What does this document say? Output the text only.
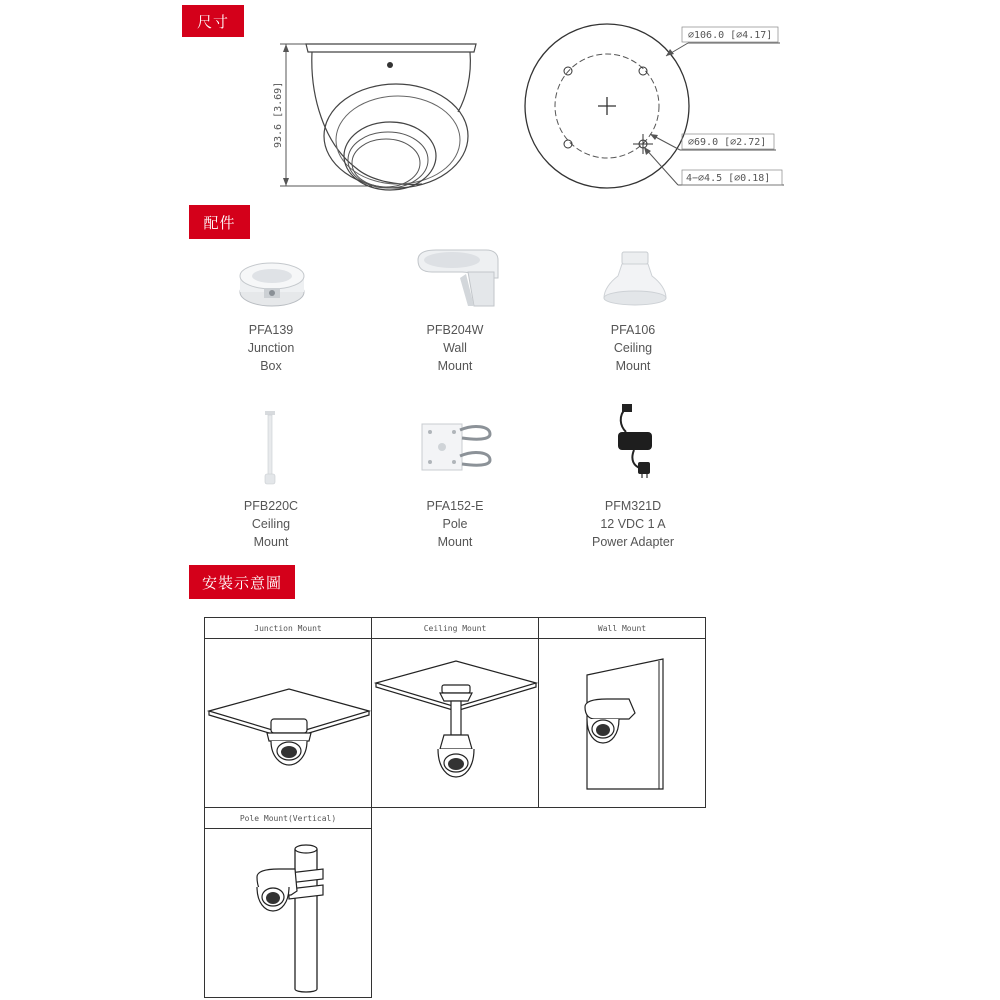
尺寸
配件
安裝示意圖
93.6 [3.69]
⌀106.0 [⌀4.17]
⌀69.0 [⌀2.72]
4−⌀4.5 [⌀0.18]
PFA139
Junction
Box
PFB204W
Wall
Mount
PFA106
Ceiling
Mount
PFB220C
Ceiling
Mount
PFA152-E
Pole
Mount
PFM321D
12 VDC 1 A
Power Adapter
Junction Mount	Ceiling Mount	Wall Mount
Pole Mount(Vertical)
